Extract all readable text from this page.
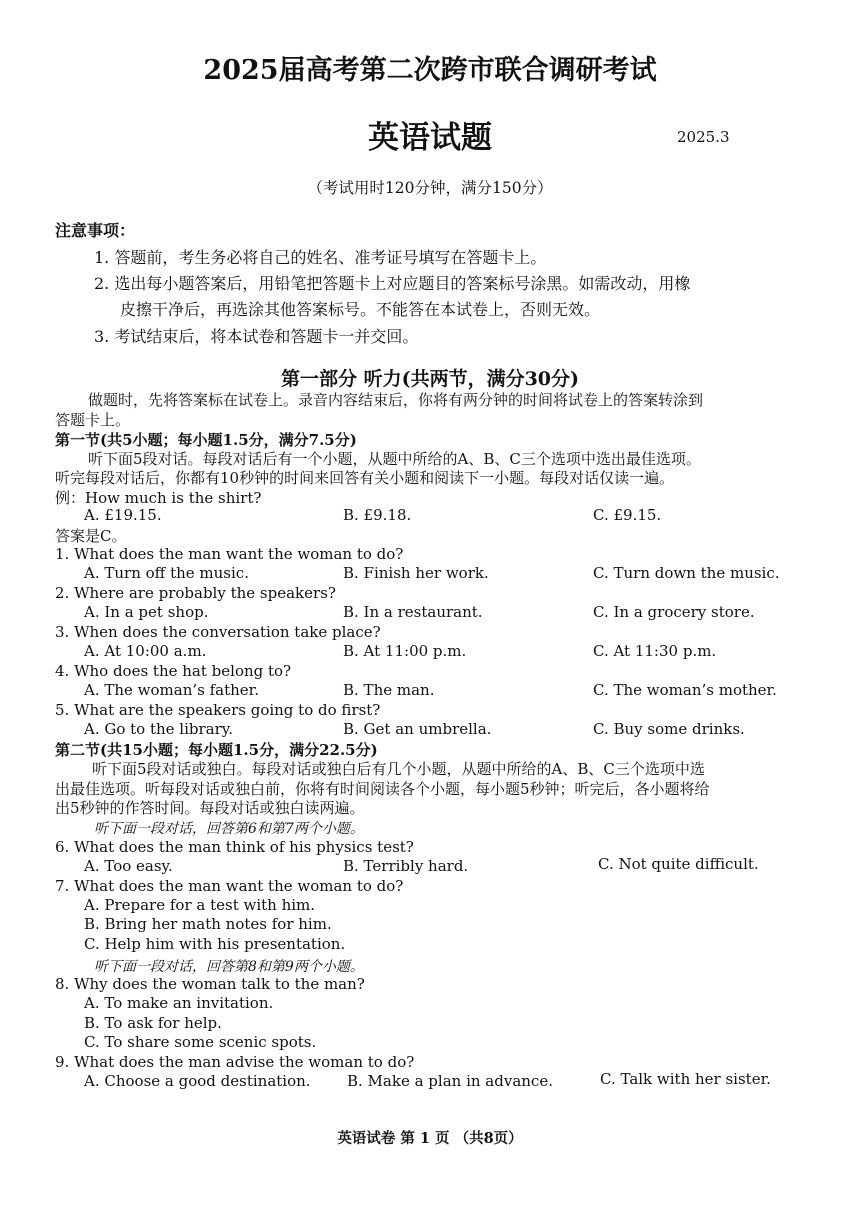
2025届高考第二次跨市联合调研考试
英语试题	2025.3
（考试用时120分钟，满分150分）
注意事项：
1. 答题前，考生务必将自己的姓名、准考证号填写在答题卡上。
2. 选出每小题答案后，用铅笔把答题卡上对应题目的答案标号涂黑。如需改动，用橡
皮擦干净后，再选涂其他答案标号。不能答在本试卷上，否则无效。
3. 考试结束后，将本试卷和答题卡一并交回。
第一部分 听力(共两节，满分30分)
做题时，先将答案标在试卷上。录音内容结束后，你将有两分钟的时间将试卷上的答案转涂到
答题卡上。
第一节(共5小题；每小题1.5分，满分7.5分)
听下面5段对话。每段对话后有一个小题，从题中所给的A、B、C三个选项中选出最佳选项。
听完每段对话后，你都有10秒钟的时间来回答有关小题和阅读下一小题。每段对话仅读一遍。
例：How much is the shirt?
A. £19.15.	B. £9.18.	C. £9.15.
答案是C。
1. What does the man want the woman to do?
A. Turn off the music.	B. Finish her work.	C. Turn down the music.
2. Where are probably the speakers?
A. In a pet shop.	B. In a restaurant.	C. In a grocery store.
3. When does the conversation take place?
A. At 10:00 a.m.	B. At 11:00 p.m.	C. At 11:30 p.m.
4. Who does the hat belong to?
A. The woman’s father.	B. The man.	C. The woman’s mother.
5. What are the speakers going to do first?
A. Go to the library.	B. Get an umbrella.	C. Buy some drinks.
第二节(共15小题；每小题1.5分，满分22.5分)
听下面5段对话或独白。每段对话或独白后有几个小题，从题中所给的A、B、C三个选项中选
出最佳选项。听每段对话或独白前，你将有时间阅读各个小题，每小题5秒钟；听完后，各小题将给
出5秒钟的作答时间。每段对话或独白读两遍。
听下面一段对话，回答第6和第7两个小题。
6. What does the man think of his physics test?
A. Too easy.	B. Terribly hard.	C. Not quite difficult.
7. What does the man want the woman to do?
A. Prepare for a test with him.
B. Bring her math notes for him.
C. Help him with his presentation.
听下面一段对话，回答第8和第9两个小题。
8. Why does the woman talk to the man?
A. To make an invitation.
B. To ask for help.
C. To share some scenic spots.
9. What does the man advise the woman to do?
A. Choose a good destination. B. Make a plan in advance.	C. Talk with her sister.
英语试卷 第 1 页 （共8页）
